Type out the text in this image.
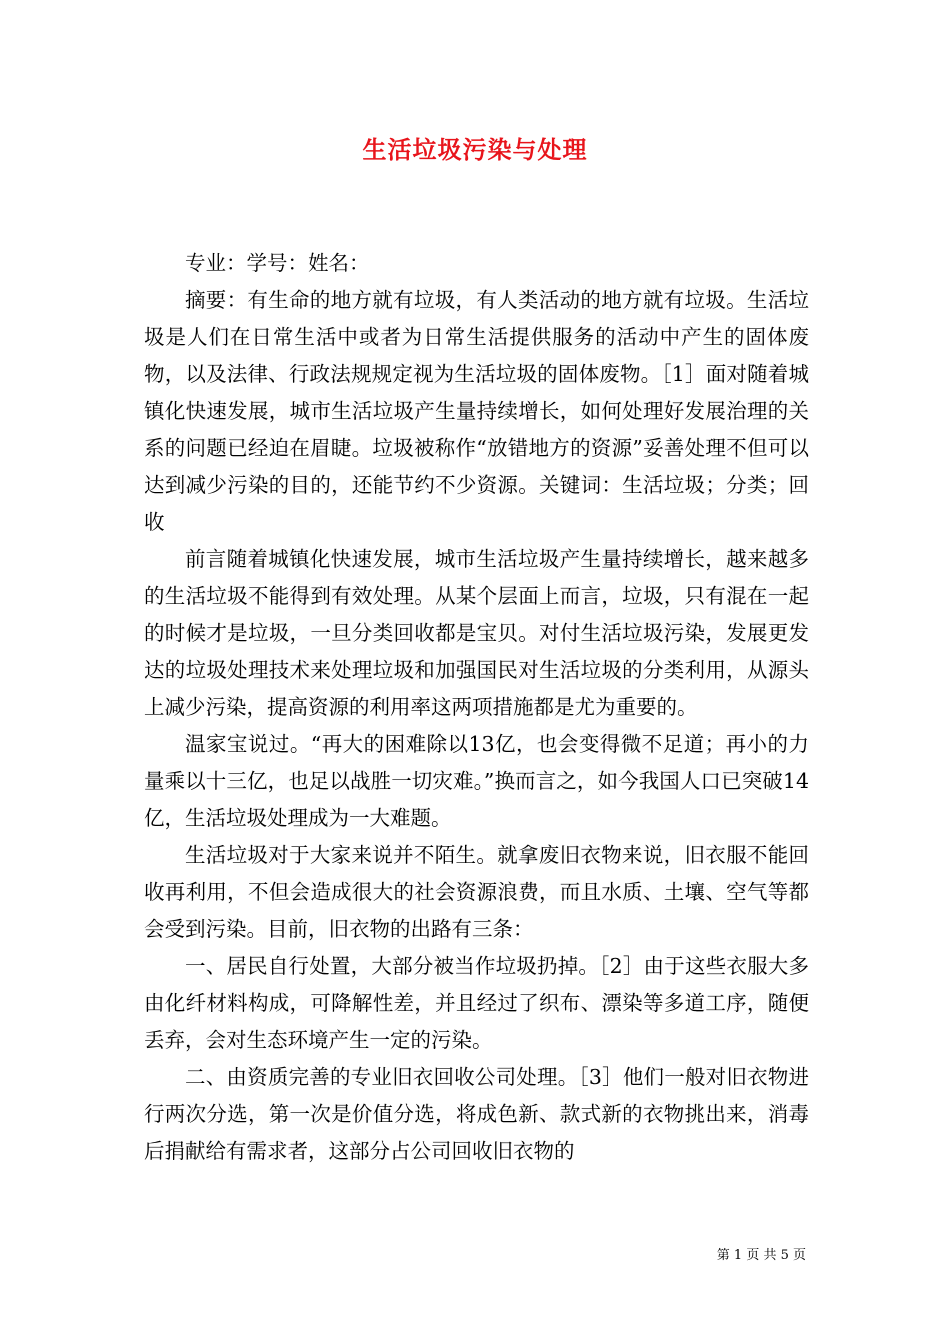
生活垃圾污染与处理

专业：学号：姓名：

摘要：有生命的地方就有垃圾，有人类活动的地方就有垃圾。生活垃圾是人们在日常生活中或者为日常生活提供服务的活动中产生的固体废物，以及法律、行政法规规定视为生活垃圾的固体废物。［1］面对随着城镇化快速发展，城市生活垃圾产生量持续增长，如何处理好发展治理的关系的问题已经迫在眉睫。垃圾被称作“放错地方的资源”妥善处理不但可以达到减少污染的目的，还能节约不少资源。关键词：生活垃圾；分类；回收

前言随着城镇化快速发展，城市生活垃圾产生量持续增长，越来越多的生活垃圾不能得到有效处理。从某个层面上而言，垃圾，只有混在一起的时候才是垃圾，一旦分类回收都是宝贝。对付生活垃圾污染，发展更发达的垃圾处理技术来处理垃圾和加强国民对生活垃圾的分类利用，从源头上减少污染，提高资源的利用率这两项措施都是尤为重要的。

温家宝说过。“再大的困难除以13亿，也会变得微不足道；再小的力量乘以十三亿，也足以战胜一切灾难。”换而言之，如今我国人口已突破14亿，生活垃圾处理成为一大难题。

生活垃圾对于大家来说并不陌生。就拿废旧衣物来说，旧衣服不能回收再利用，不但会造成很大的社会资源浪费，而且水质、土壤、空气等都会受到污染。目前，旧衣物的出路有三条：

一、居民自行处置，大部分被当作垃圾扔掉。［2］由于这些衣服大多由化纤材料构成，可降解性差，并且经过了织布、漂染等多道工序，随便丢弃，会对生态环境产生一定的污染。

二、由资质完善的专业旧衣回收公司处理。［3］他们一般对旧衣物进行两次分选，第一次是价值分选，将成色新、款式新的衣物挑出来，消毒后捐献给有需求者，这部分占公司回收旧衣物的

第 1 页 共 5 页
